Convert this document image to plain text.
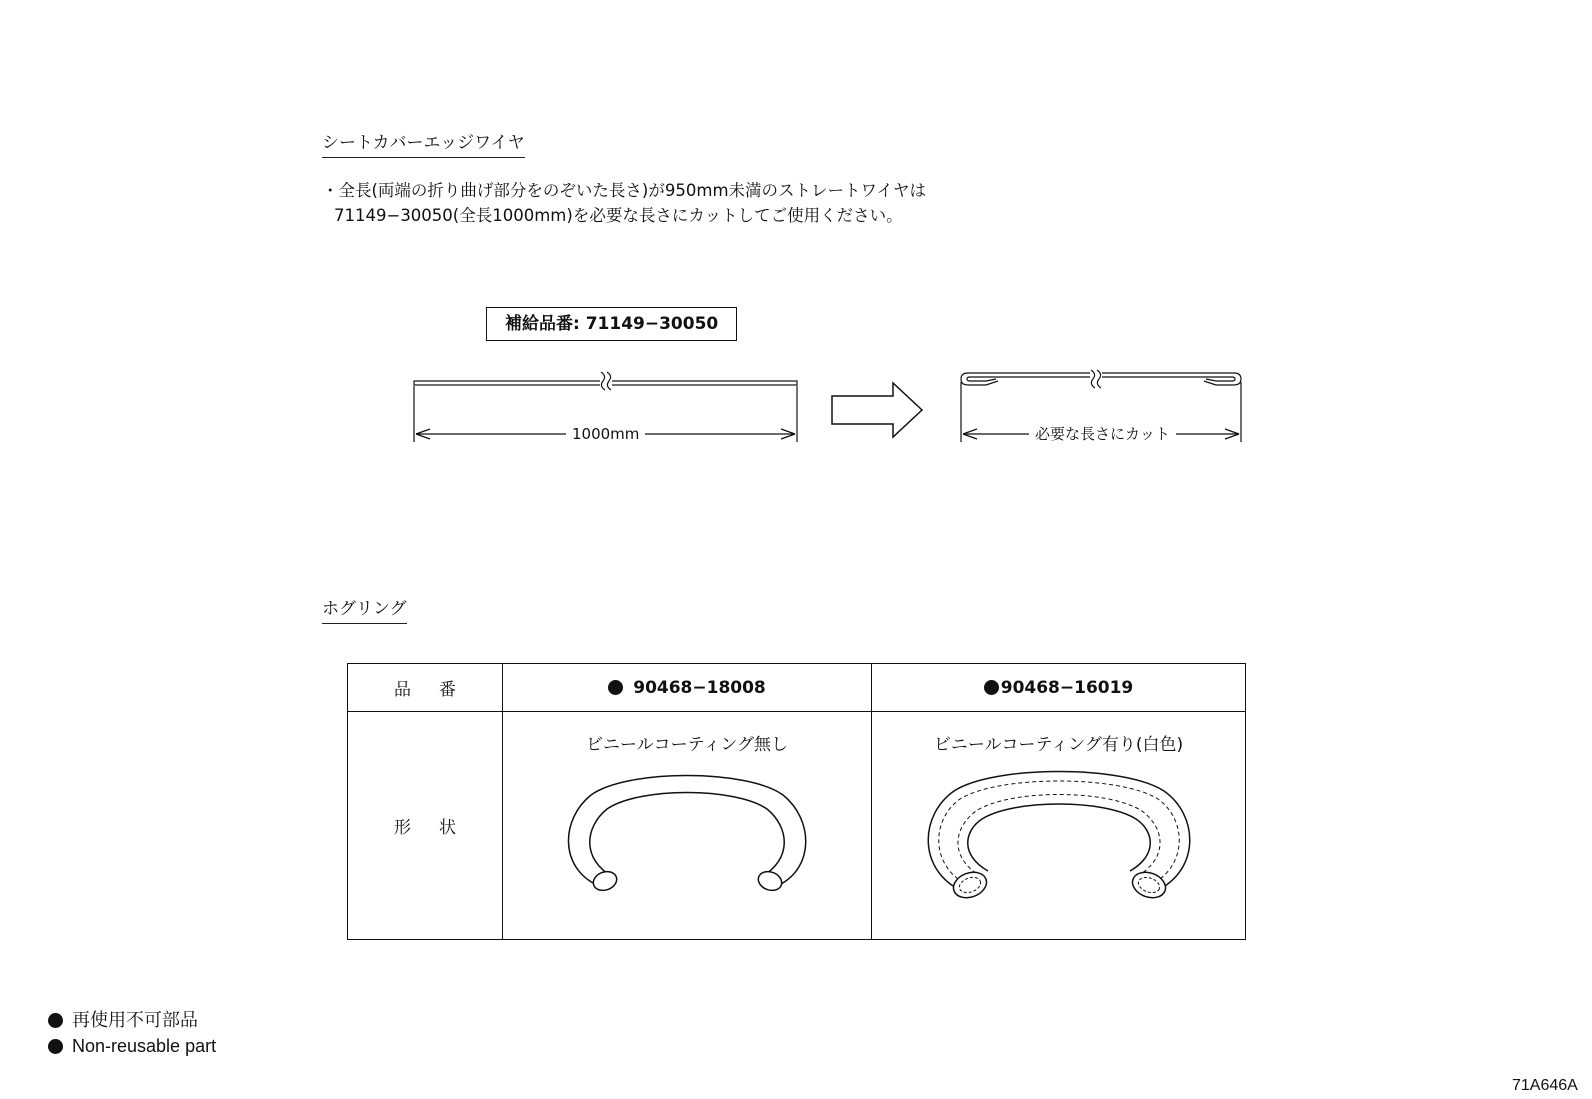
シートカバーエッジワイヤ
・全長(両端の折り曲げ部分をのぞいた長さ)が950mm未満のストレートワイヤは
71149−30050(全長1000mm)を必要な長さにカットしてご使用ください。
補給品番: 71149−30050
1000mm	必要な長さにカット
ホグリング
品番	90468−18008	90468−16019
形状	ビニールコーティング無し	ビニールコーティング有り(白色)
再使用不可部品
Non-reusable part
71A646A
